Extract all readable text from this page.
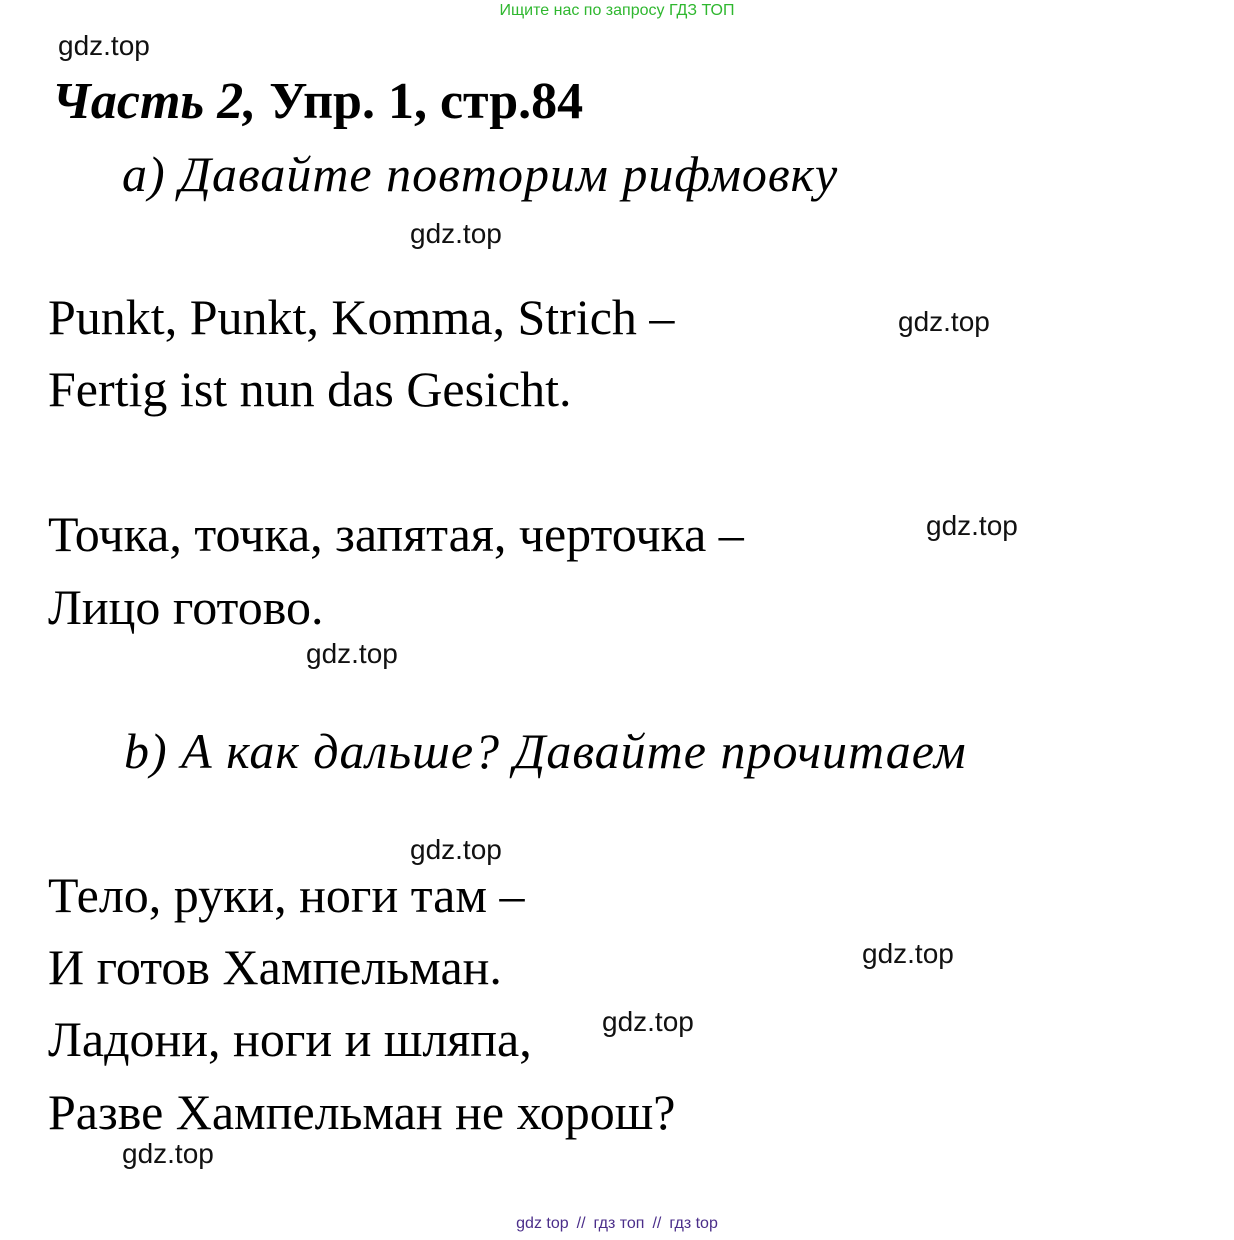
Ищите нас по запросу ГДЗ ТОП
gdz.top
Часть 2, Упр. 1, стр.84
а) Давайте повторим рифмовку
gdz.top
Punkt, Punkt, Komma, Strich –	gdz.top
Fertig ist nun das Gesicht.
Точка, точка, запятая, черточка –	gdz.top
Лицо готово.
gdz.top
b) А как дальше? Давайте прочитаем
gdz.top
Тело, руки, ноги там –
И готов Хампельман.	gdz.top
Ладони, ноги и шляпа,	gdz.top
Разве Хампельман не хорош?
gdz.top
gdz top // гдз топ // гдз top
